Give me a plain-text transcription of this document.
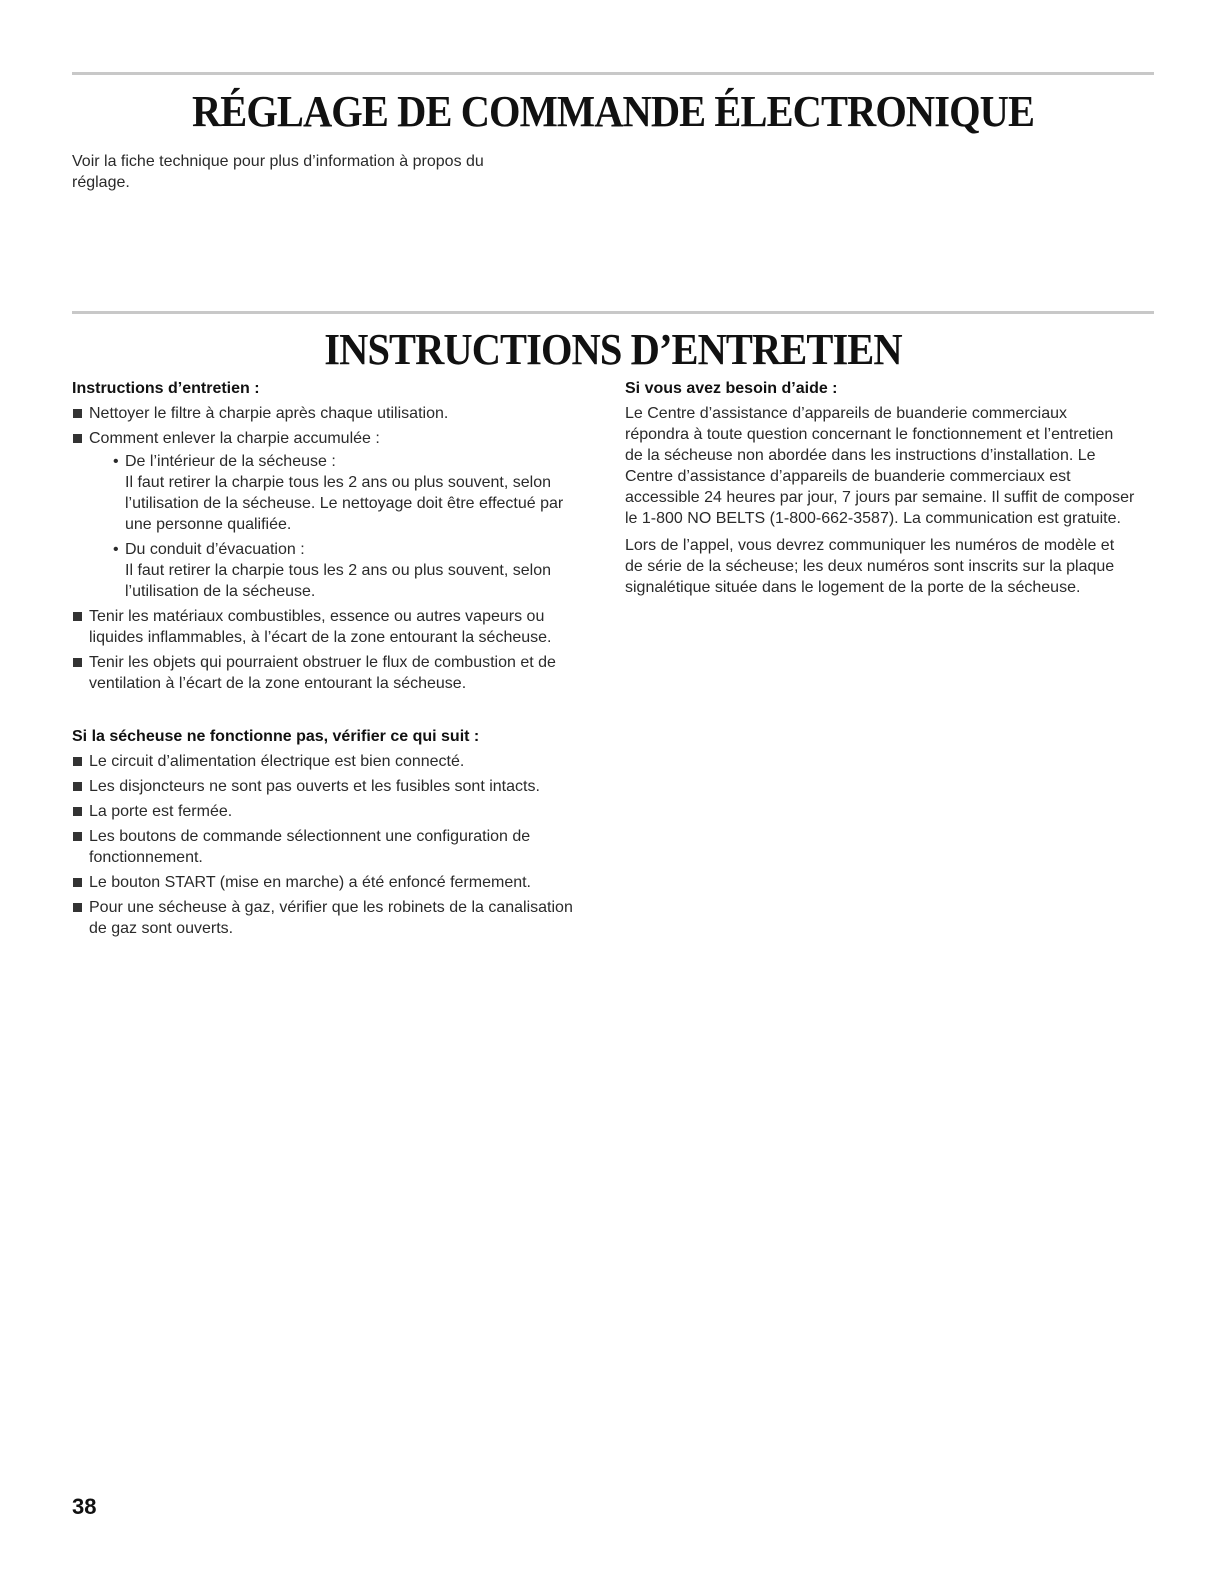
RÉGLAGE DE COMMANDE ÉLECTRONIQUE

Voir la fiche technique pour plus d’information à propos du réglage.

INSTRUCTIONS D’ENTRETIEN

Instructions d’entretien :

Nettoyer le filtre à charpie après chaque utilisation.
Comment enlever la charpie accumulée :
• De l’intérieur de la sécheuse :
Il faut retirer la charpie tous les 2 ans ou plus souvent, selon l’utilisation de la sécheuse. Le nettoyage doit être effectué par une personne qualifiée.
• Du conduit d’évacuation :
Il faut retirer la charpie tous les 2 ans ou plus souvent, selon l’utilisation de la sécheuse.
Tenir les matériaux combustibles, essence ou autres vapeurs ou liquides inflammables, à l’écart de la zone entourant la sécheuse.
Tenir les objets qui pourraient obstruer le flux de combustion et de ventilation à l’écart de la zone entourant la sécheuse.

Si la sécheuse ne fonctionne pas, vérifier ce qui suit :

Le circuit d’alimentation électrique est bien connecté.
Les disjoncteurs ne sont pas ouverts et les fusibles sont intacts.
La porte est fermée.
Les boutons de commande sélectionnent une configuration de fonctionnement.
Le bouton START (mise en marche) a été enfoncé fermement.
Pour une sécheuse à gaz, vérifier que les robinets de la canalisation de gaz sont ouverts.

Si vous avez besoin d’aide :

Le Centre d’assistance d’appareils de buanderie commerciaux répondra à toute question concernant le fonctionnement et l’entretien de la sécheuse non abordée dans les instructions d’installation. Le Centre d’assistance d’appareils de buanderie commerciaux est accessible 24 heures par jour, 7 jours par semaine. Il suffit de composer le 1-800 NO BELTS (1-800-662-3587). La communication est gratuite.

Lors de l’appel, vous devrez communiquer les numéros de modèle et de série de la sécheuse; les deux numéros sont inscrits sur la plaque signalétique située dans le logement de la porte de la sécheuse.

38
